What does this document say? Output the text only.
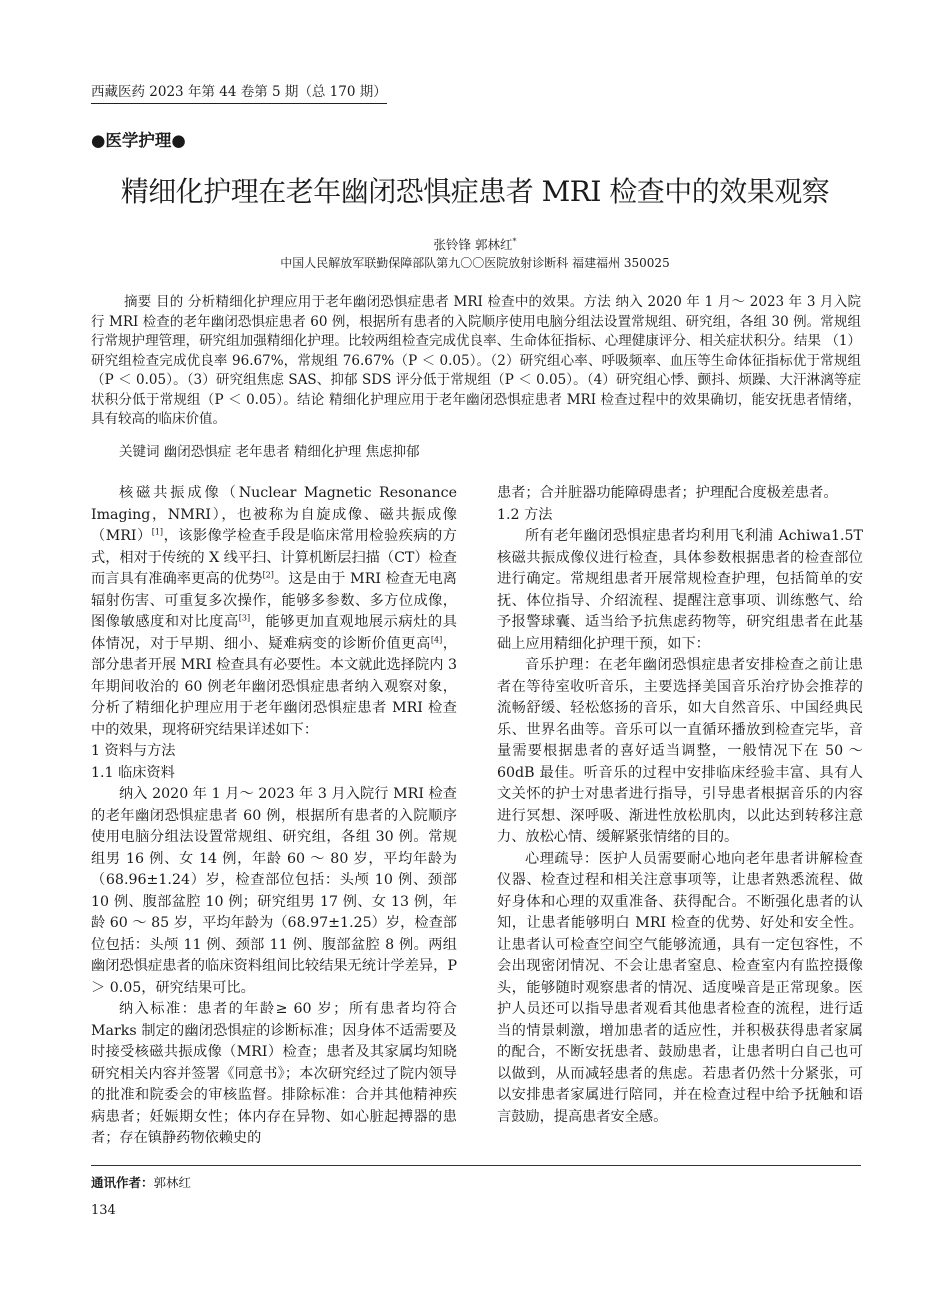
西藏医药 2023 年第 44 卷第 5 期（总 170 期）
●医学护理●
精细化护理在老年幽闭恐惧症患者 MRI 检查中的效果观察
张铃锋 郭林红*
中国人民解放军联勤保障部队第九〇〇医院放射诊断科 福建福州 350025
摘要 目的 分析精细化护理应用于老年幽闭恐惧症患者 MRI 检查中的效果。方法 纳入 2020 年 1 月～ 2023 年 3 月入院行 MRI 检查的老年幽闭恐惧症患者 60 例，根据所有患者的入院顺序使用电脑分组法设置常规组、研究组，各组 30 例。常规组行常规护理管理，研究组加强精细化护理。比较两组检查完成优良率、生命体征指标、心理健康评分、相关症状积分。结果 （1）研究组检查完成优良率 96.67%，常规组 76.67%（P ＜ 0.05）。（2）研究组心率、呼吸频率、血压等生命体征指标优于常规组（P ＜ 0.05）。（3）研究组焦虑 SAS、抑郁 SDS 评分低于常规组（P ＜ 0.05）。（4）研究组心悸、颤抖、烦躁、大汗淋漓等症状积分低于常规组（P ＜ 0.05）。结论 精细化护理应用于老年幽闭恐惧症患者 MRI 检查过程中的效果确切，能安抚患者情绪，具有较高的临床价值。
关键词 幽闭恐惧症 老年患者 精细化护理 焦虑抑郁

核磁共振成像（Nuclear Magnetic Resonance Imaging，NMRI），也被称为自旋成像、磁共振成像（MRI）[1]，该影像学检查手段是临床常用检验疾病的方式，相对于传统的 X 线平扫、计算机断层扫描（CT）检查而言具有准确率更高的优势[2]。这是由于 MRI 检查无电离辐射伤害、可重复多次操作，能够多参数、多方位成像，图像敏感度和对比度高[3]，能够更加直观地展示病灶的具体情况，对于早期、细小、疑难病变的诊断价值更高[4]，部分患者开展 MRI 检查具有必要性。本文就此选择院内 3 年期间收治的 60 例老年幽闭恐惧症患者纳入观察对象，分析了精细化护理应用于老年幽闭恐惧症患者 MRI 检查中的效果，现将研究结果详述如下：

1 资料与方法

1.1 临床资料

纳入 2020 年 1 月～ 2023 年 3 月入院行 MRI 检查的老年幽闭恐惧症患者 60 例，根据所有患者的入院顺序使用电脑分组法设置常规组、研究组，各组 30 例。常规组男 16 例、女 14 例，年龄 60 ～ 80 岁，平均年龄为（68.96±1.24）岁，检查部位包括：头颅 10 例、颈部 10 例、腹部盆腔 10 例；研究组男 17 例、女 13 例，年龄 60 ～ 85 岁，平均年龄为（68.97±1.25）岁，检查部位包括：头颅 11 例、颈部 11 例、腹部盆腔 8 例。两组幽闭恐惧症患者的临床资料组间比较结果无统计学差异，P ＞ 0.05，研究结果可比。

纳入标准：患者的年龄≥ 60 岁；所有患者均符合 Marks 制定的幽闭恐惧症的诊断标准；因身体不适需要及时接受核磁共振成像（MRI）检查；患者及其家属均知晓研究相关内容并签署《同意书》；本次研究经过了院内领导的批准和院委会的审核监督。排除标准：合并其他精神疾病患者；妊娠期女性；体内存在异物、如心脏起搏器的患者；存在镇静药物依赖史的

患者；合并脏器功能障碍患者；护理配合度极差患者。

1.2 方法

所有老年幽闭恐惧症患者均利用飞利浦 Achiwa1.5T 核磁共振成像仪进行检查，具体参数根据患者的检查部位进行确定。常规组患者开展常规检查护理，包括简单的安抚、体位指导、介绍流程、提醒注意事项、训练憋气、给予报警球囊、适当给予抗焦虑药物等，研究组患者在此基础上应用精细化护理干预，如下：

音乐护理：在老年幽闭恐惧症患者安排检查之前让患者在等待室收听音乐，主要选择美国音乐治疗协会推荐的流畅舒缓、轻松悠扬的音乐，如大自然音乐、中国经典民乐、世界名曲等。音乐可以一直循环播放到检查完毕，音量需要根据患者的喜好适当调整，一般情况下在 50 ～ 60dB 最佳。听音乐的过程中安排临床经验丰富、具有人文关怀的护士对患者进行指导，引导患者根据音乐的内容进行冥想、深呼吸、渐进性放松肌肉，以此达到转移注意力、放松心情、缓解紧张情绪的目的。

心理疏导：医护人员需要耐心地向老年患者讲解检查仪器、检查过程和相关注意事项等，让患者熟悉流程、做好身体和心理的双重准备、获得配合。不断强化患者的认知，让患者能够明白 MRI 检查的优势、好处和安全性。让患者认可检查空间空气能够流通，具有一定包容性，不会出现密闭情况、不会让患者窒息、检查室内有监控摄像头，能够随时观察患者的情况、适度噪音是正常现象。医护人员还可以指导患者观看其他患者检查的流程，进行适当的情景刺激，增加患者的适应性，并积极获得患者家属的配合，不断安抚患者、鼓励患者，让患者明白自己也可以做到，从而减轻患者的焦虑。若患者仍然十分紧张，可以安排患者家属进行陪同，并在检查过程中给予抚触和语言鼓励，提高患者安全感。

通讯作者：郭林红
134
